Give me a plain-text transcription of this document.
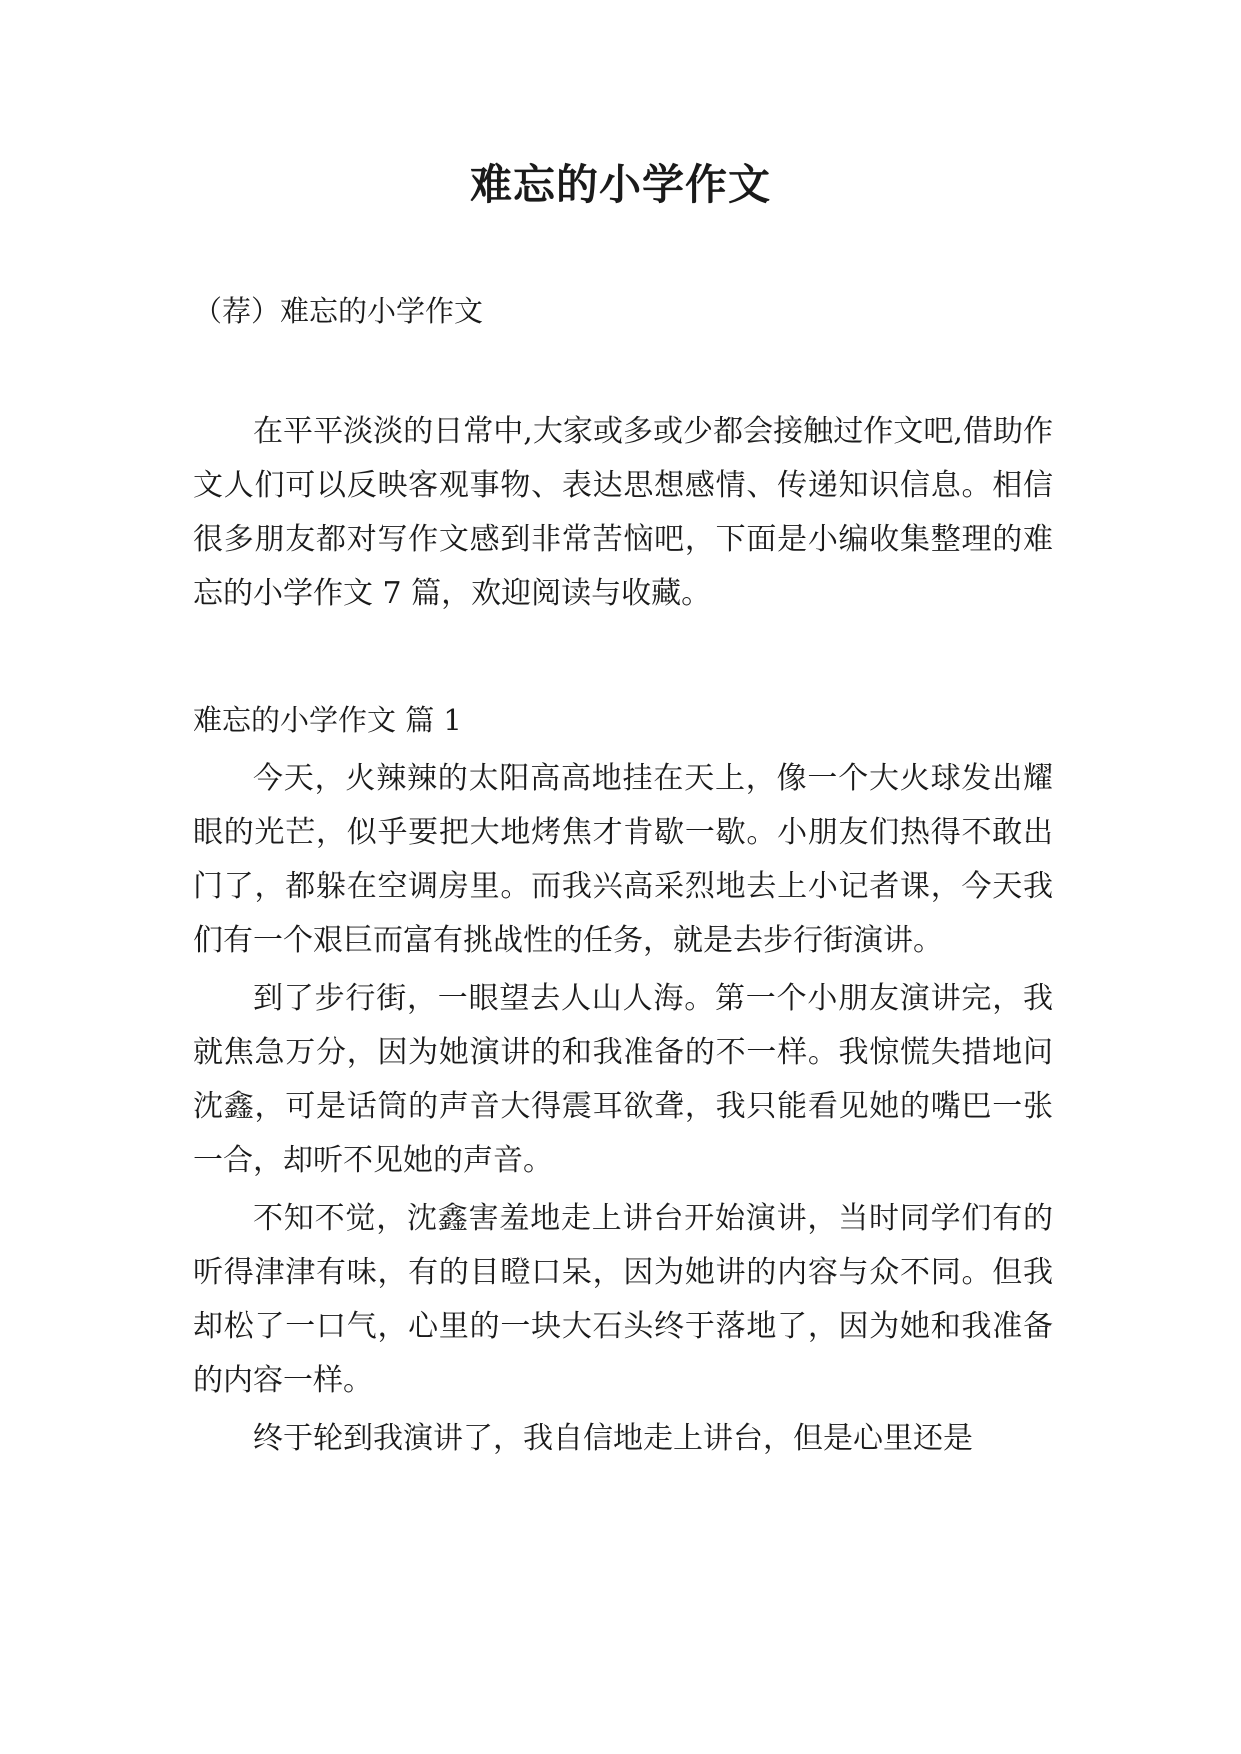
难忘的小学作文

（荐）难忘的小学作文

在平平淡淡的日常中,大家或多或少都会接触过作文吧,借助作文人们可以反映客观事物、表达思想感情、传递知识信息。相信很多朋友都对写作文感到非常苦恼吧，下面是小编收集整理的难忘的小学作文 7 篇，欢迎阅读与收藏。

难忘的小学作文 篇 1

今天，火辣辣的太阳高高地挂在天上，像一个大火球发出耀眼的光芒，似乎要把大地烤焦才肯歇一歇。小朋友们热得不敢出门了，都躲在空调房里。而我兴高采烈地去上小记者课，今天我们有一个艰巨而富有挑战性的任务，就是去步行街演讲。

到了步行街，一眼望去人山人海。第一个小朋友演讲完，我就焦急万分，因为她演讲的和我准备的不一样。我惊慌失措地问沈鑫，可是话筒的声音大得震耳欲聋，我只能看见她的嘴巴一张一合，却听不见她的声音。

不知不觉，沈鑫害羞地走上讲台开始演讲，当时同学们有的听得津津有味，有的目瞪口呆，因为她讲的内容与众不同。但我却松了一口气，心里的一块大石头终于落地了，因为她和我准备的内容一样。

终于轮到我演讲了，我自信地走上讲台，但是心里还是
